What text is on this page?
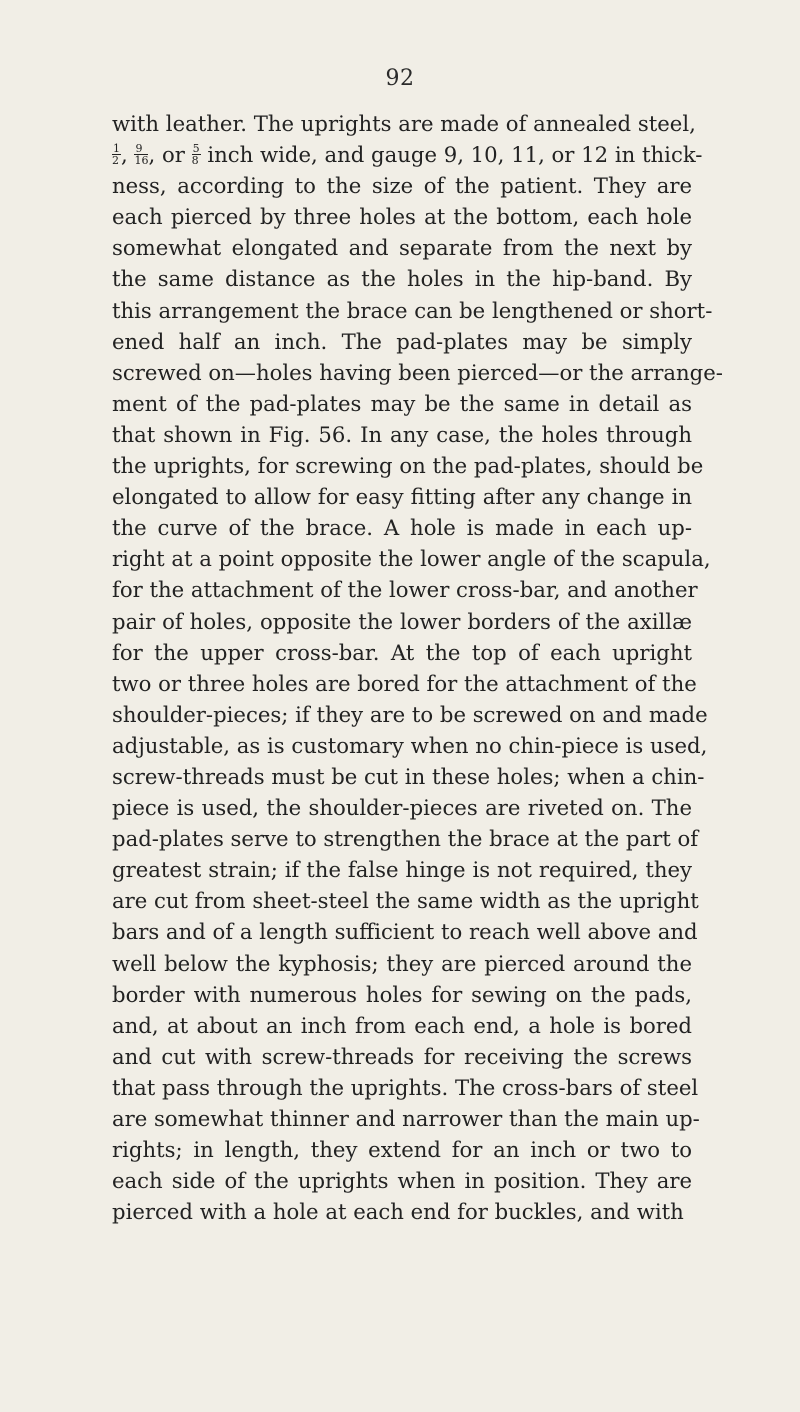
92
with leather. The uprights are made of annealed steel,
$\frac{1}{2}$ , $\frac{9}{16}$ , or $\frac{5}{8}$ inch wide, and gauge 9, 10, 11, or 12 in thick-
ness, according to the size of the patient. They are
each pierced by three holes at the bottom, each hole
somewhat elongated and separate from the next by
the same distance as the holes in the hip-band. By
this arrangement the brace can be lengthened or short-
ened half an inch. The pad-plates may be simply
screwed on—holes having been pierced—or the arrange-
ment of the pad-plates may be the same in detail as
that shown in Fig. 56. In any case, the holes through
the uprights, for screwing on the pad-plates, should be
elongated to allow for easy fitting after any change in
the curve of the brace. A hole is made in each up-
right at a point opposite the lower angle of the scapula,
for the attachment of the lower cross-bar, and another
pair of holes, opposite the lower borders of the axillæ
for the upper cross-bar. At the top of each upright
two or three holes are bored for the attachment of the
shoulder-pieces; if they are to be screwed on and made
adjustable, as is customary when no chin-piece is used,
screw-threads must be cut in these holes; when a chin-
piece is used, the shoulder-pieces are riveted on. The
pad-plates serve to strengthen the brace at the part of
greatest strain; if the false hinge is not required, they
are cut from sheet-steel the same width as the upright
bars and of a length sufficient to reach well above and
well below the kyphosis; they are pierced around the
border with numerous holes for sewing on the pads,
and, at about an inch from each end, a hole is bored
and cut with screw-threads for receiving the screws
that pass through the uprights. The cross-bars of steel
are somewhat thinner and narrower than the main up-
rights; in length, they extend for an inch or two to
each side of the uprights when in position. They are
pierced with a hole at each end for buckles, and with
